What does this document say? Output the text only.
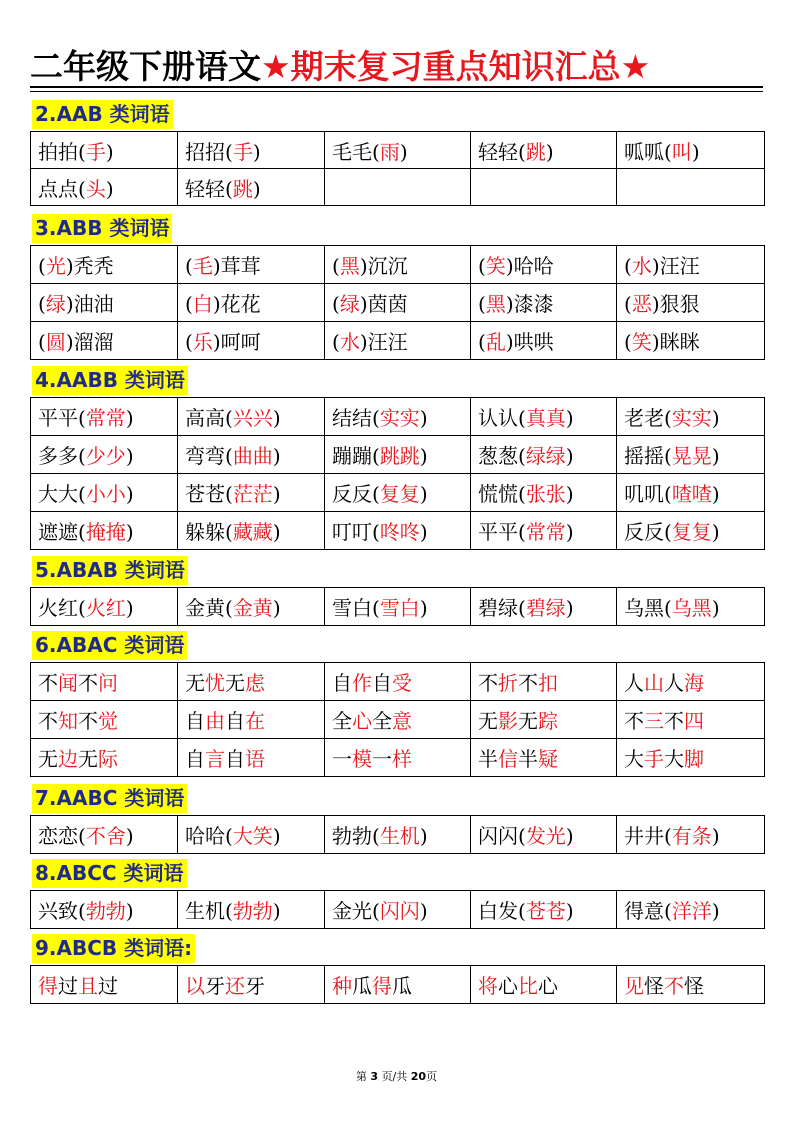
二年级下册语文★期末复习重点知识汇总★
2.AAB 类词语
拍拍(手)	招招(手)	毛毛(雨)	轻轻(跳)	呱呱(叫)
点点(头)	轻轻(跳)			
3.ABB 类词语
(光)秃秃	(毛)茸茸	(黑)沉沉	(笑)哈哈	(水)汪汪
(绿)油油	(白)花花	(绿)茵茵	(黑)漆漆	(恶)狠狠
(圆)溜溜	(乐)呵呵	(水)汪汪	(乱)哄哄	(笑)眯眯
4.AABB 类词语
平平(常常)	高高(兴兴)	结结(实实)	认认(真真)	老老(实实)
多多(少少)	弯弯(曲曲)	蹦蹦(跳跳)	葱葱(绿绿)	摇摇(晃晃)
大大(小小)	苍苍(茫茫)	反反(复复)	慌慌(张张)	叽叽(喳喳)
遮遮(掩掩)	躲躲(藏藏)	叮叮(咚咚)	平平(常常)	反反(复复)
5.ABAB 类词语
火红(火红)	金黄(金黄)	雪白(雪白)	碧绿(碧绿)	乌黑(乌黑)
6.ABAC 类词语
不闻不问	无忧无虑	自作自受	不折不扣	人山人海
不知不觉	自由自在	全心全意	无影无踪	不三不四
无边无际	自言自语	一模一样	半信半疑	大手大脚
7.AABC 类词语
恋恋(不舍)	哈哈(大笑)	勃勃(生机)	闪闪(发光)	井井(有条)
8.ABCC 类词语
兴致(勃勃)	生机(勃勃)	金光(闪闪)	白发(苍苍)	得意(洋洋)
9.ABCB 类词语:
得过且过	以牙还牙	种瓜得瓜	将心比心	见怪不怪
第 3 页/共 20页
